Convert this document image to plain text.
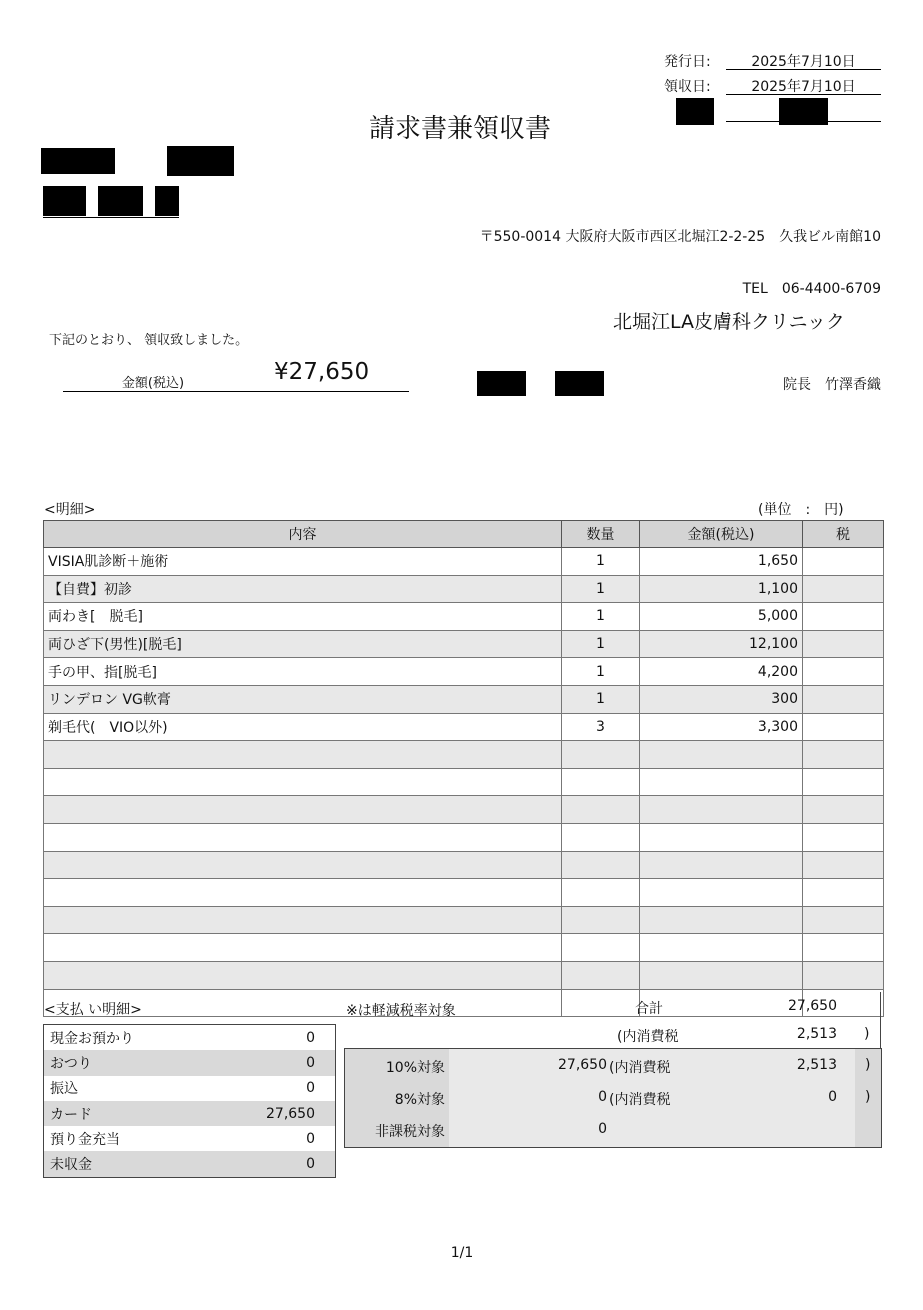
発行日:	2025年7月10日
領収日:	2025年7月10日
請求書兼領収書
〒550-0014 大阪府大阪市西区北堀江2-2-25　久我ビル南館10
TEL　06-4400-6709
北堀江LA皮膚科クリニック
院長　竹澤香織
下記のとおり、 領収致しました。
金額(税込)	¥27,650
<明細>	(単位　:　円)
内容	数量	金額(税込)	税
VISIA肌診断＋施術	1	1,650	
【自費】初診	1	1,100	
両わき[　脱毛]	1	5,000	
両ひざ下(男性)[脱毛]	1	12,100	
手の甲、指[脱毛]	1	4,200	
リンデロン VG軟膏	1	300	
剃毛代(　VIO以外)	3	3,300	

<支払 い明細>
現金お預かり	0
おつり	0
振込	0
カード	27,650
預り金充当	0
未収金	0
※は軽減税率対象	合計	27,650
(内消費税	2,513 )
10%対象	27,650 (内消費税	2,513 )
8%対象	0 (内消費税	0 )
非課税対象	0
1/1
